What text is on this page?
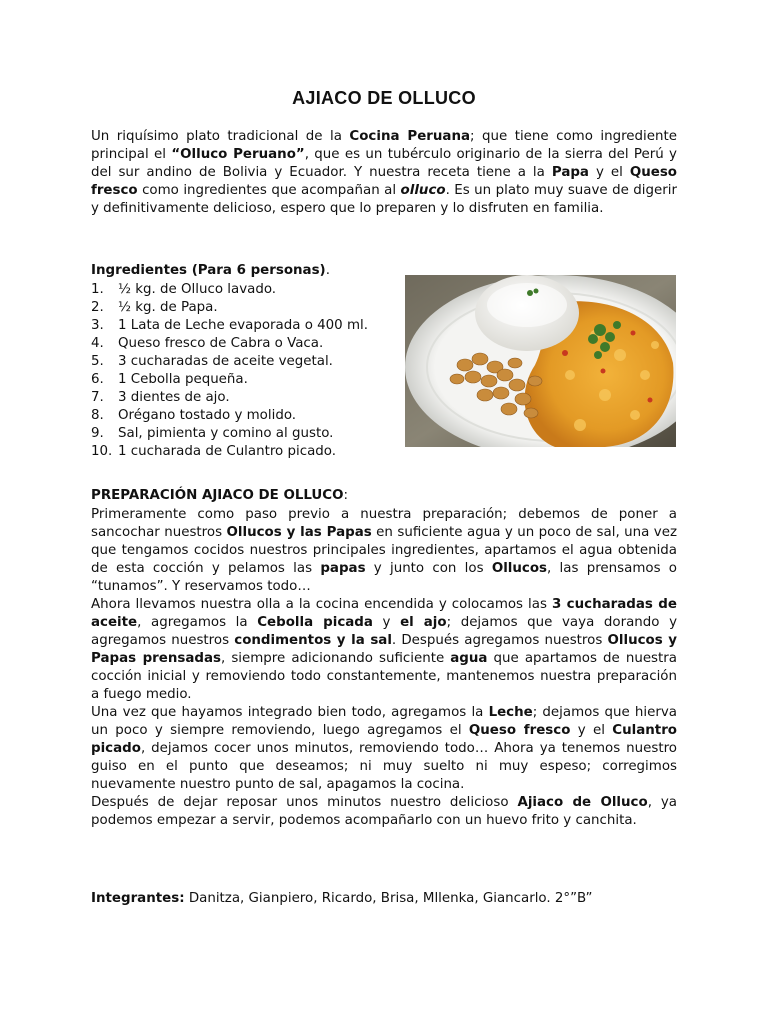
AJIACO DE OLLUCO

Un riquísimo plato tradicional de la Cocina Peruana; que tiene como ingrediente principal el “Olluco Peruano”, que es un tubérculo originario de la sierra del Perú y del sur andino de Bolivia y Ecuador. Y nuestra receta tiene a la Papa y el Queso fresco como ingredientes que acompañan al olluco. Es un plato muy suave de digerir y definitivamente delicioso, espero que lo preparen y lo disfruten en familia.

Ingredientes (Para 6 personas).

1.	½ kg. de Olluco lavado.
2.	½ kg. de Papa.
3.	1 Lata de Leche evaporada o 400 ml.
4.	Queso fresco de Cabra o Vaca.
5.	3 cucharadas de aceite vegetal.
6.	1 Cebolla pequeña.
7.	3 dientes de ajo.
8.	Orégano tostado y molido.
9.	Sal, pimienta y comino al gusto.
10. 1 cucharada de Culantro picado.

PREPARACIÓN AJIACO DE OLLUCO:

Primeramente como paso previo a nuestra preparación; debemos de poner a sancochar nuestros Ollucos y las Papas en suficiente agua y un poco de sal, una vez que tengamos cocidos nuestros principales ingredientes, apartamos el agua obtenida de esta cocción y pelamos las papas y junto con los Ollucos, las prensamos o “tunamos”. Y reservamos todo…

Ahora llevamos nuestra olla a la cocina encendida y colocamos las 3 cucharadas de aceite, agregamos la Cebolla picada y el ajo; dejamos que vaya dorando y agregamos nuestros condimentos y la sal. Después agregamos nuestros Ollucos y Papas prensadas, siempre adicionando suficiente agua que apartamos de nuestra cocción inicial y removiendo todo constantemente, mantenemos nuestra preparación a fuego medio.

Una vez que hayamos integrado bien todo, agregamos la Leche; dejamos que hierva un poco y siempre removiendo, luego agregamos el Queso fresco y el Culantro picado, dejamos cocer unos minutos, removiendo todo… Ahora ya tenemos nuestro guiso en el punto que deseamos; ni muy suelto ni muy espeso; corregimos nuevamente nuestro punto de sal, apagamos la cocina.

Después de dejar reposar unos minutos nuestro delicioso Ajiaco de Olluco, ya podemos empezar a servir, podemos acompañarlo con un huevo frito y canchita.

Integrantes: Danitza, Gianpiero, Ricardo, Brisa, Mllenka, Giancarlo. 2°”B”
